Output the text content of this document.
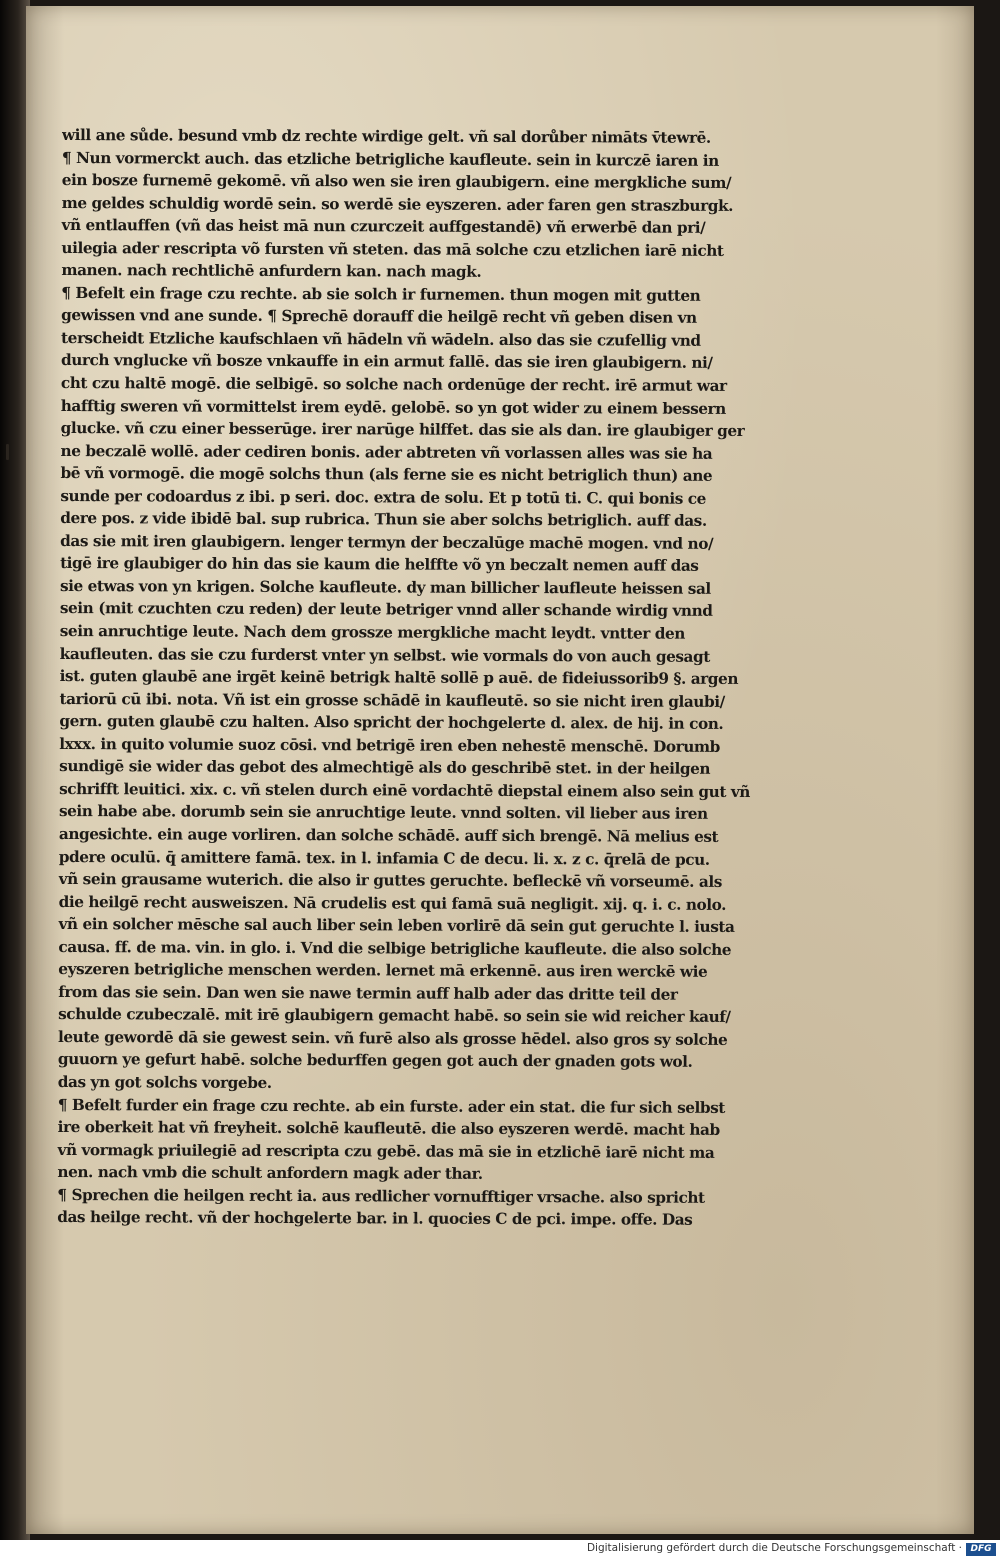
will ane sůde. besund vmb dz rechte wirdige gelt. vñ sal dorůber nimāts v̄tewrē.
¶ Nun vormerckt auch. das etzliche betrigliche kaufleute. sein in kurczē iaren in
ein bosze furnemē gekomē. vñ also wen sie iren glaubigern. eine mergkliche sum/
me geldes schuldig wordē sein. so werdē sie eyszeren. ader faren gen straszburgk.
vñ entlauffen (vñ das heist mā nun czurczeit auffgestandē) vñ erwerbē dan pri/
uilegia ader rescripta võ fursten vñ steten. das mā solche czu etzlichen iarē nicht
manen. nach rechtlichē anfurdern kan. nach magk.
¶ Befelt ein frage czu rechte. ab sie solch ir furnemen. thun mogen mit gutten
gewissen vnd ane sunde. ¶ Sprechē dorauff die heilgē recht vñ geben disen vn
terscheidt Etzliche kaufschlaen vñ hādeln vñ wādeln. also das sie czufellig vnd
durch vnglucke vñ bosze vnkauffe in ein armut fallē. das sie iren glaubigern. ni/
cht czu haltē mogē. die selbigē. so solche nach ordenūge der recht. irē armut war
hafftig sweren vñ vormittelst irem eydē. gelobē. so yn got wider zu einem bessern
glucke. vñ czu einer besserūge. irer narūge hilffet. das sie als dan. ire glaubiger ger
ne beczalē wollē. ader cediren bonis. ader abtreten vñ vorlassen alles was sie ha
bē vñ vormogē. die mogē solchs thun (als ferne sie es nicht betriglich thun) ane
sunde per codoardus z ibi. p seri. doc. extra de solu. Et p totū ti. C. qui bonis ce
dere pos. z vide ibidē bal. sup rubrica. Thun sie aber solchs betriglich. auff das.
das sie mit iren glaubigern. lenger termyn der beczalūge machē mogen. vnd no/
tigē ire glaubiger do hin das sie kaum die helffte võ yn beczalt nemen auff das
sie etwas von yn krigen. Solche kaufleute. dy man billicher laufleute heissen sal
sein (mit czuchten czu reden) der leute betriger vnnd aller schande wirdig vnnd
sein anruchtige leute. Nach dem grossze mergkliche macht leydt. vntter den
kaufleuten. das sie czu furderst vnter yn selbst. wie vormals do von auch gesagt
ist. guten glaubē ane irgēt keinē betrigk haltē sollē p auē. de fideiussorib9 §. argen
tariorū cū ibi. nota. Vñ ist ein grosse schādē in kaufleutē. so sie nicht iren glaubi/
gern. guten glaubē czu halten. Also spricht der hochgelerte d. alex. de hij. in con.
lxxx. in quito volumie suoz cōsi. vnd betrigē iren eben nehestē menschē. Dorumb
sundigē sie wider das gebot des almechtigē als do geschribē stet. in der heilgen
schrifft leuitici. xix. c. vñ stelen durch einē vordachtē diepstal einem also sein gut vñ
sein habe abe. dorumb sein sie anruchtige leute. vnnd solten. vil lieber aus iren
angesichte. ein auge vorliren. dan solche schādē. auff sich brengē. Nā melius est
pdere oculū. q̄ amittere famā. tex. in l. infamia C de decu. li. x. z c. q̄relā de pcu.
vñ sein grausame wuterich. die also ir guttes geruchte. befleckē vñ vorseumē. als
die heilgē recht ausweiszen. Nā crudelis est qui famā suā negligit. xij. q. i. c. nolo.
vñ ein solcher mēsche sal auch liber sein leben vorlirē dā sein gut geruchte l. iusta
causa. ff. de ma. vin. in glo. i. Vnd die selbige betrigliche kaufleute. die also solche
eyszeren betrigliche menschen werden. lernet mā erkennē. aus iren werckē wie
from das sie sein. Dan wen sie nawe termin auff halb ader das dritte teil der
schulde czubeczalē. mit irē glaubigern gemacht habē. so sein sie wid reicher kauf/
leute gewordē dā sie gewest sein. vñ furē also als grosse hēdel. also gros sy solche
guuorn ye gefurt habē. solche bedurffen gegen got auch der gnaden gots wol.
das yn got solchs vorgebe.
¶ Befelt furder ein frage czu rechte. ab ein furste. ader ein stat. die fur sich selbst
ire oberkeit hat vñ freyheit. solchē kaufleutē. die also eyszeren werdē. macht hab
vñ vormagk priuilegiē ad rescripta czu gebē. das mā sie in etzlichē iarē nicht ma
nen. nach vmb die schult anfordern magk ader thar.
¶ Sprechen die heilgen recht ia. aus redlicher vornufftiger vrsache. also spricht
das heilge recht. vñ der hochgelerte bar. in l. quocies C de pci. impe. offe. Das
Digitalisierung gefördert durch die Deutsche Forschungsgemeinschaft · DFG
